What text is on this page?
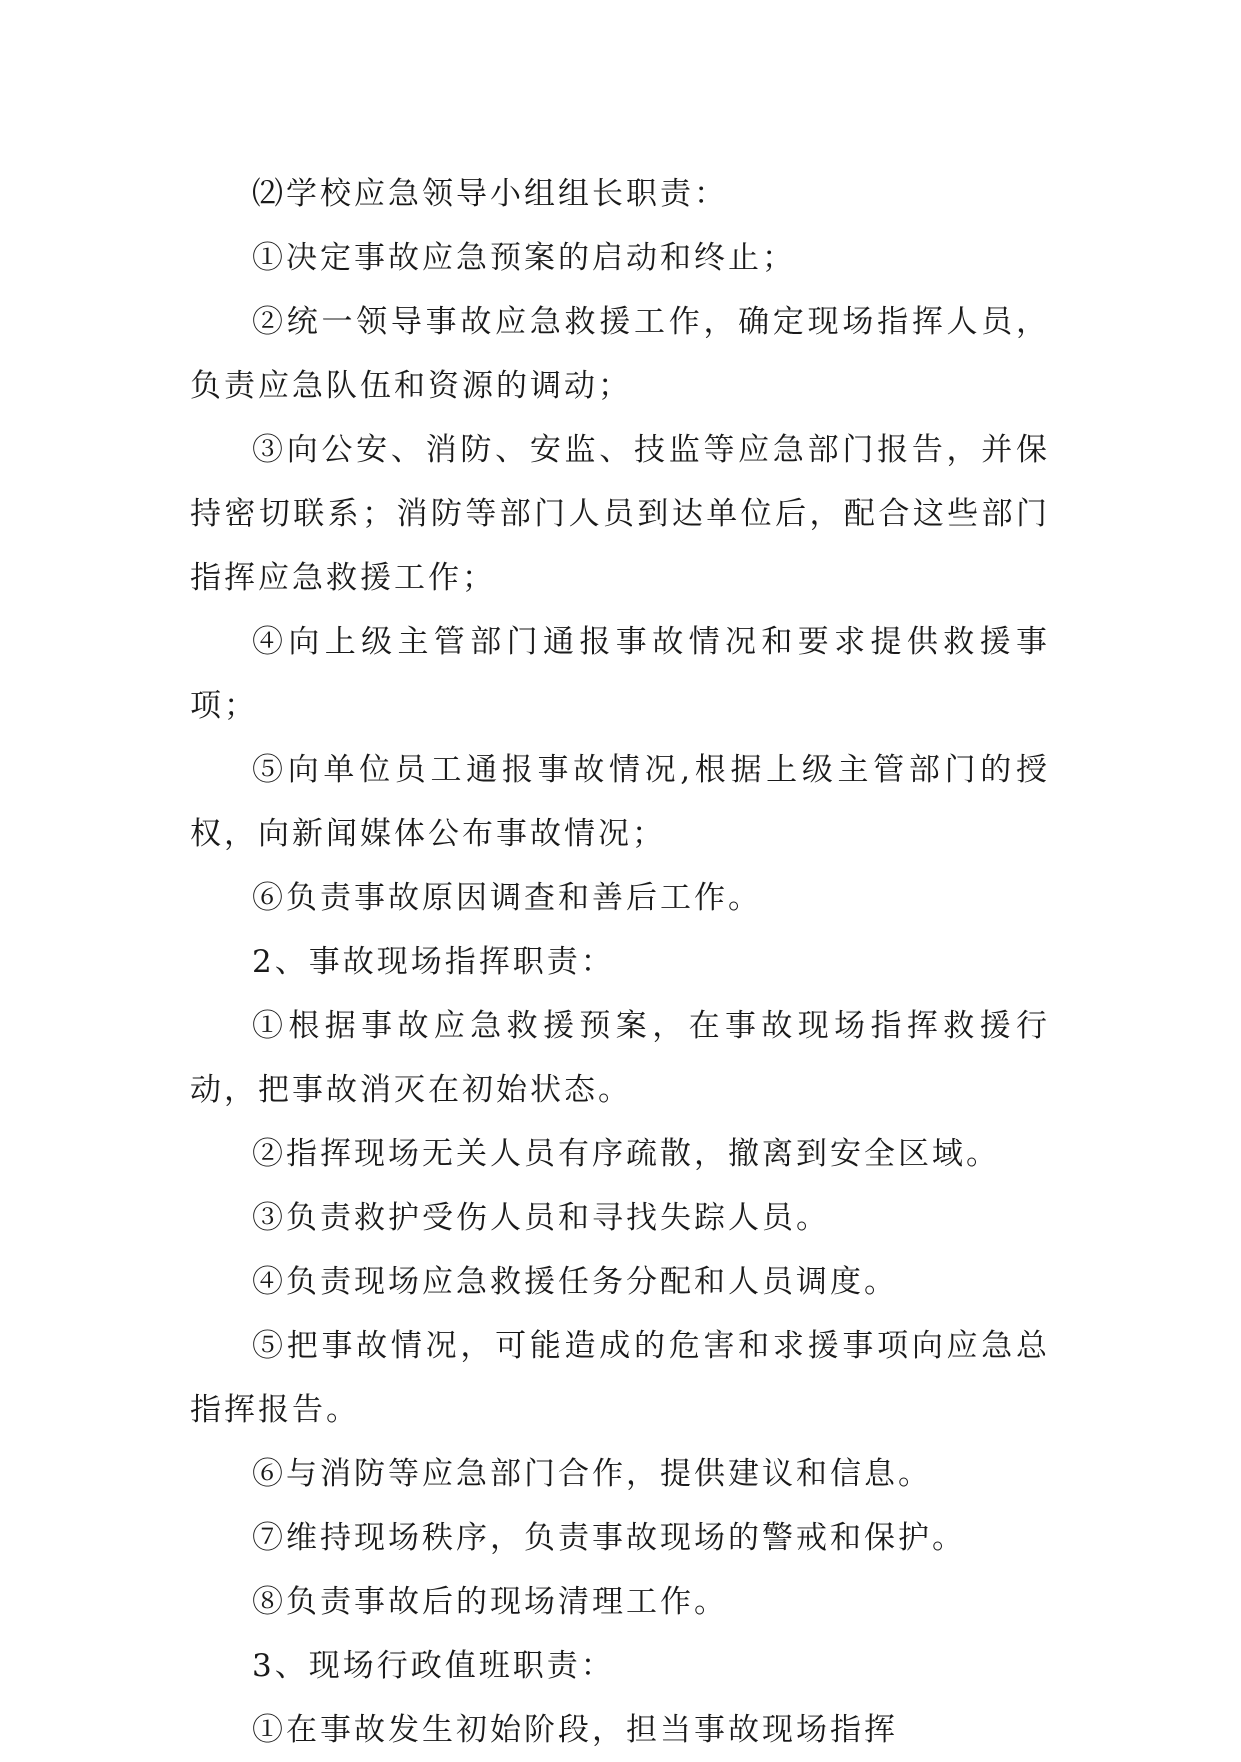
⑵学校应急领导小组组长职责：

①决定事故应急预案的启动和终止；

②统一领导事故应急救援工作，确定现场指挥人员，负责应急队伍和资源的调动；

③向公安、消防、安监、技监等应急部门报告，并保持密切联系；消防等部门人员到达单位后，配合这些部门指挥应急救援工作；

④向上级主管部门通报事故情况和要求提供救援事项；

⑤向单位员工通报事故情况,根据上级主管部门的授权，向新闻媒体公布事故情况；

⑥负责事故原因调查和善后工作。

2、事故现场指挥职责：

①根据事故应急救援预案，在事故现场指挥救援行动，把事故消灭在初始状态。

②指挥现场无关人员有序疏散，撤离到安全区域。

③负责救护受伤人员和寻找失踪人员。

④负责现场应急救援任务分配和人员调度。

⑤把事故情况，可能造成的危害和求援事项向应急总指挥报告。

⑥与消防等应急部门合作，提供建议和信息。

⑦维持现场秩序，负责事故现场的警戒和保护。

⑧负责事故后的现场清理工作。

3、现场行政值班职责：

①在事故发生初始阶段，担当事故现场指挥
